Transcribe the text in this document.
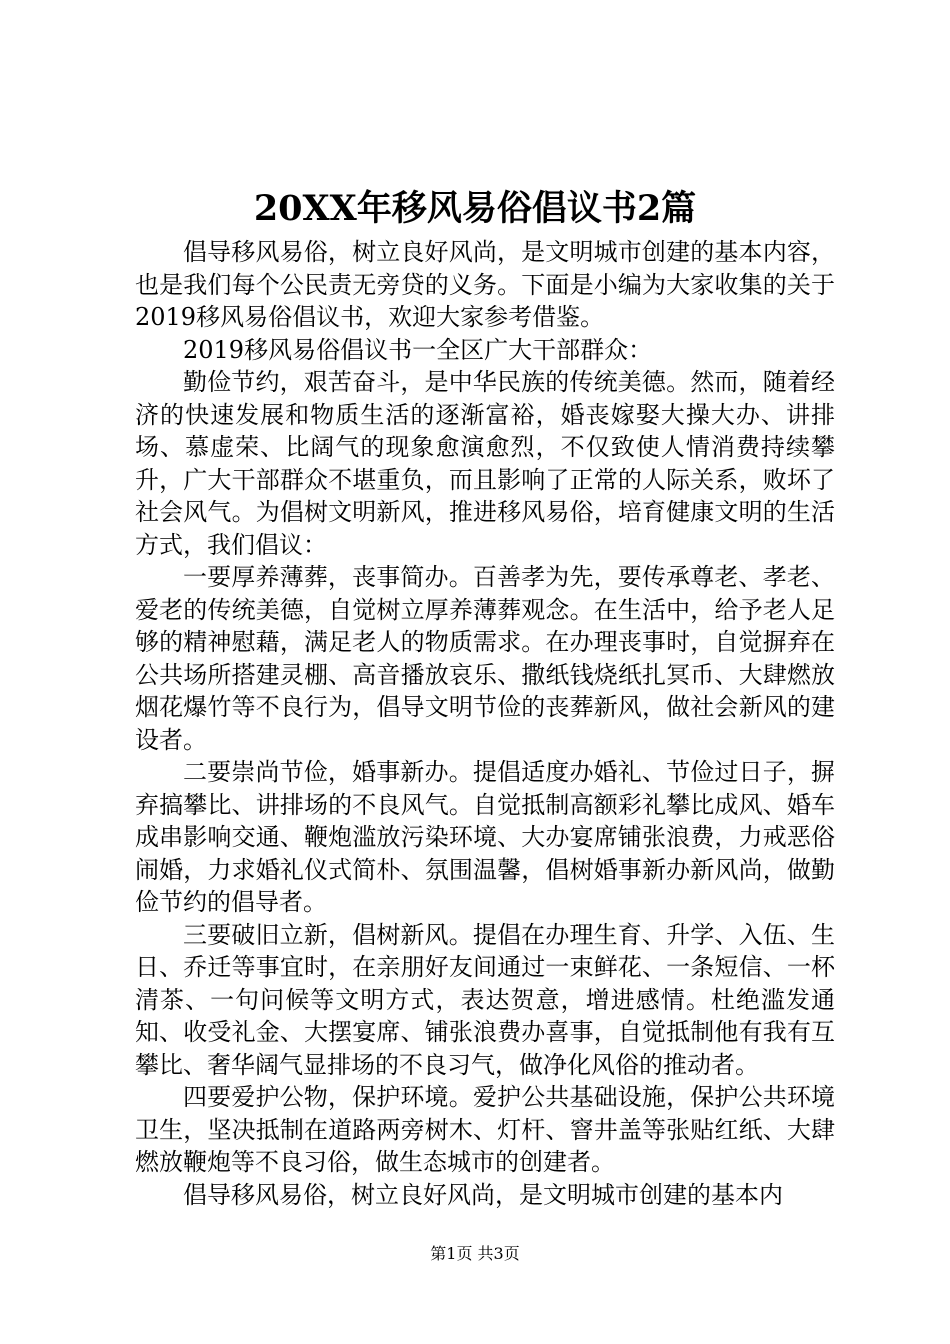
20XX年移风易俗倡议书2篇

倡导移风易俗，树立良好风尚，是文明城市创建的基本内容，也是我们每个公民责无旁贷的义务。下面是小编为大家收集的关于2019移风易俗倡议书，欢迎大家参考借鉴。

2019移风易俗倡议书一全区广大干部群众：

勤俭节约，艰苦奋斗，是中华民族的传统美德。然而，随着经济的快速发展和物质生活的逐渐富裕，婚丧嫁娶大操大办、讲排场、慕虚荣、比阔气的现象愈演愈烈，不仅致使人情消费持续攀升，广大干部群众不堪重负，而且影响了正常的人际关系，败坏了社会风气。为倡树文明新风，推进移风易俗，培育健康文明的生活方式，我们倡议：

一要厚养薄葬，丧事简办。百善孝为先，要传承尊老、孝老、爱老的传统美德，自觉树立厚养薄葬观念。在生活中，给予老人足够的精神慰藉，满足老人的物质需求。在办理丧事时，自觉摒弃在公共场所搭建灵棚、高音播放哀乐、撒纸钱烧纸扎冥币、大肆燃放烟花爆竹等不良行为，倡导文明节俭的丧葬新风，做社会新风的建设者。

二要崇尚节俭，婚事新办。提倡适度办婚礼、节俭过日子，摒弃搞攀比、讲排场的不良风气。自觉抵制高额彩礼攀比成风、婚车成串影响交通、鞭炮滥放污染环境、大办宴席铺张浪费，力戒恶俗闹婚，力求婚礼仪式简朴、氛围温馨，倡树婚事新办新风尚，做勤俭节约的倡导者。

三要破旧立新，倡树新风。提倡在办理生育、升学、入伍、生日、乔迁等事宜时，在亲朋好友间通过一束鲜花、一条短信、一杯清茶、一句问候等文明方式，表达贺意，增进感情。杜绝滥发通知、收受礼金、大摆宴席、铺张浪费办喜事，自觉抵制他有我有互攀比、奢华阔气显排场的不良习气，做净化风俗的推动者。

四要爱护公物，保护环境。爱护公共基础设施，保护公共环境卫生，坚决抵制在道路两旁树木、灯杆、窨井盖等张贴红纸、大肆燃放鞭炮等不良习俗，做生态城市的创建者。

倡导移风易俗，树立良好风尚，是文明城市创建的基本内

第1页 共3页
